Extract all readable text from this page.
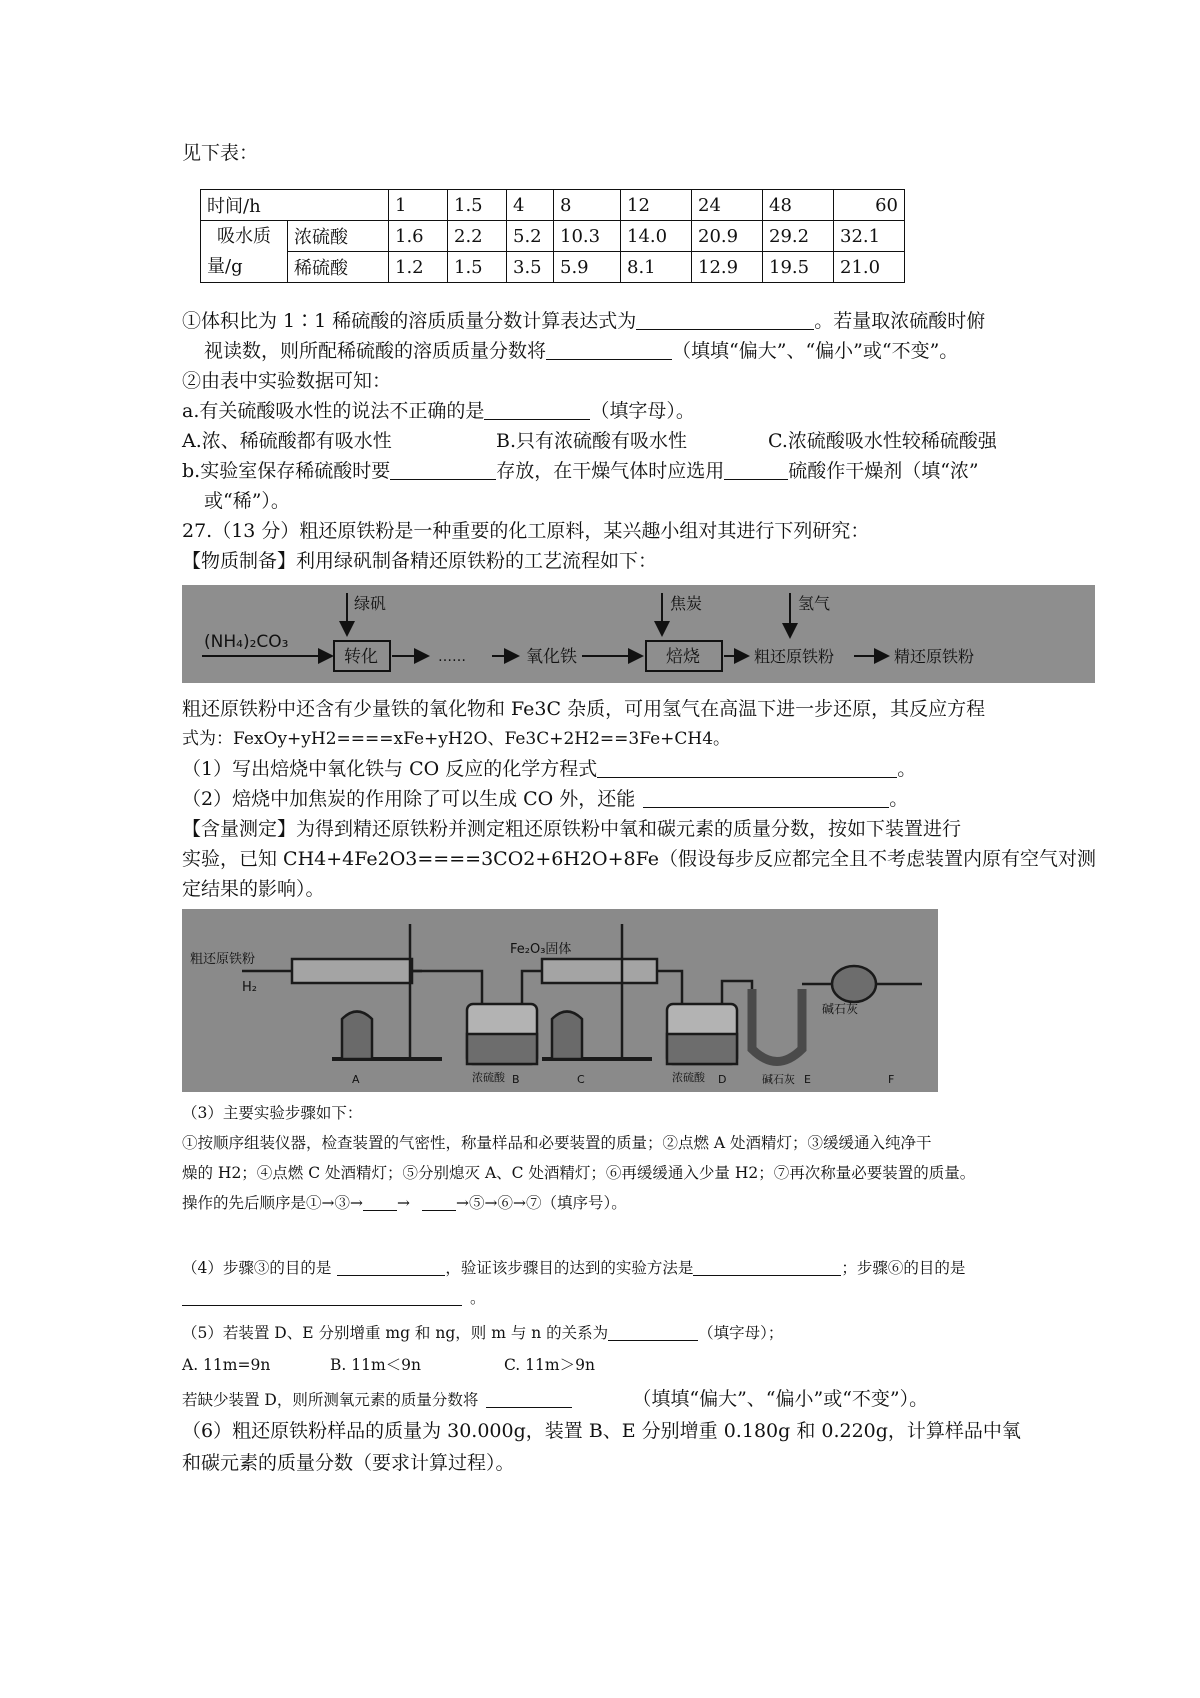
见下表：
时间/h		1	1.5	4	8	12	24	48	60

吸水质
量/g	浓硫酸	1.6	2.2	5.2	10.3	14.0	20.9	29.2	32.1
	稀硫酸	1.2	1.5	3.5	5.9	8.1	12.9	19.5	21.0
①体积比为 1∶1 稀硫酸的溶质质量分数计算表达式为	。若量取浓硫酸时俯
视读数，则所配稀硫酸的溶质质量分数将	（填填“偏大”、“偏小”或“不变”。
②由表中实验数据可知：
a.有关硫酸吸水性的说法不正确的是	（填字母）。
A.浓、稀硫酸都有吸水性	B.只有浓硫酸有吸水性	C.浓硫酸吸水性较稀硫酸强
b.实验室保存稀硫酸时要	存放，在干燥气体时应选用	硫酸作干燥剂（填“浓”
或“稀”）。
27.（13 分）粗还原铁粉是一种重要的化工原料，某兴趣小组对其进行下列研究：
【物质制备】利用绿矾制备精还原铁粉的工艺流程如下：
(NH₄)₂CO₃
绿矾
转化	……	氧化铁
焦炭
焙烧
氢气
粗还原铁粉	精还原铁粉
粗还原铁粉中还含有少量铁的氧化物和 Fe3C 杂质，可用氢气在高温下进一步还原，其反应方程
式为：FexOy+yH2====xFe+yH2O、Fe3C+2H2==3Fe+CH4。
（1）写出焙烧中氧化铁与 CO 反应的化学方程式	。
（2）焙烧中加焦炭的作用除了可以生成 CO 外，还能	。
【含量测定】为得到精还原铁粉并测定粗还原铁粉中氧和碳元素的质量分数，按如下装置进行
实验，已知 CH4+4Fe2O3====3CO2+6H2O+8Fe（假设每步反应都完全且不考虑装置内原有空气对测
定结果的影响）。
粗还原铁粉
H₂
Fe₂O₃固体
碱石灰
浓硫酸	浓硫酸	碱石灰
A	B	C	D	E	F
（3）主要实验步骤如下：
①按顺序组装仪器，检查装置的气密性，称量样品和必要装置的质量；②点燃 A 处酒精灯；③缓缓通入纯净干
燥的 H2；④点燃 C 处酒精灯；⑤分别熄灭 A、C 处酒精灯；⑥再缓缓通入少量 H2；⑦再次称量必要装置的质量。
操作的先后顺序是①→③→ →	→⑤→⑥→⑦（填序号）。
（4）步骤③的目的是	，验证该步骤目的达到的实验方法是	；步骤⑥的目的是
。
（5）若装置 D、E 分别增重 mg 和 ng，则 m 与 n 的关系为	（填字母）；
A. 11m=9n	B. 11m＜9n	C. 11m＞9n
若缺少装置 D，则所测氧元素的质量分数将	（填填“偏大”、“偏小”或“不变”）。
（6）粗还原铁粉样品的质量为 30.000g，装置 B、E 分别增重 0.180g 和 0.220g，计算样品中氧
和碳元素的质量分数（要求计算过程）。
